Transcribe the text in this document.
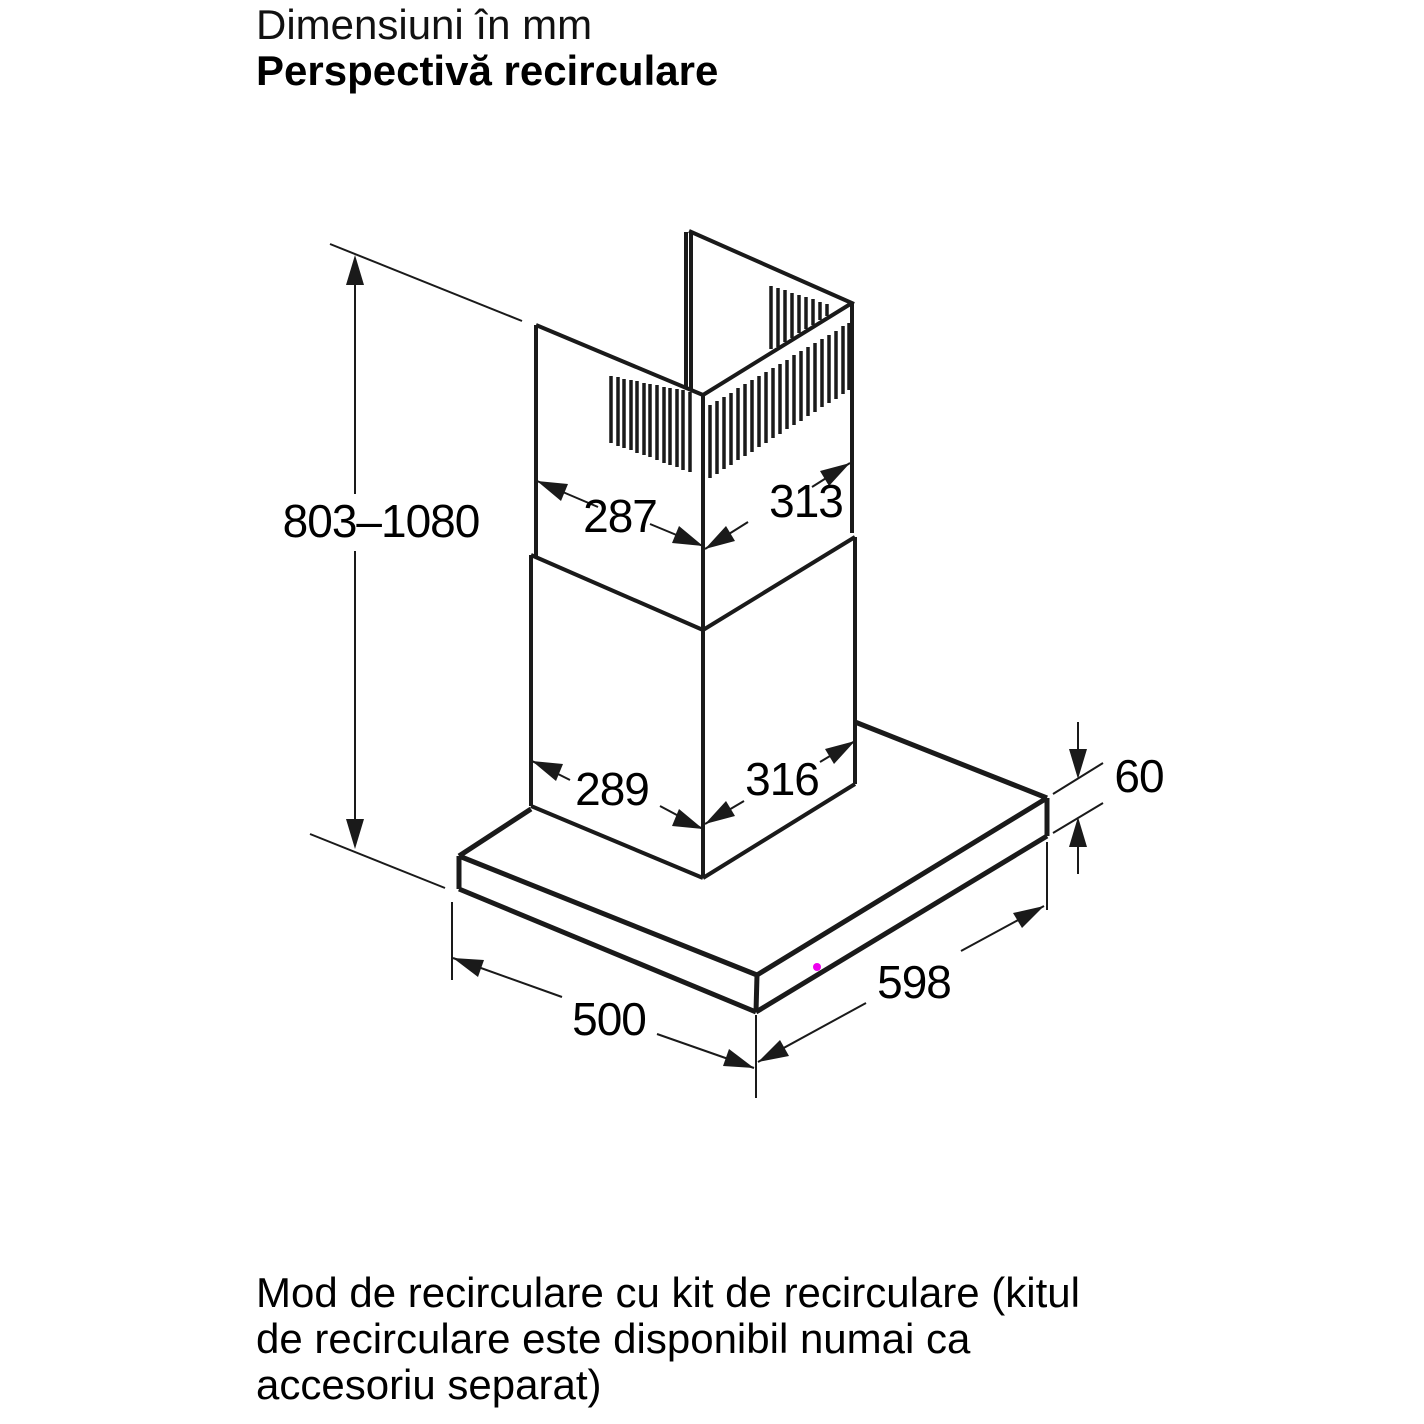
Dimensiuni în mm
Perspectivă recirculare
803–1080 287 313
289 316	60
500
598
Mod de recirculare cu kit de recirculare (kitul
de recirculare este disponibil numai ca
accesoriu separat)
